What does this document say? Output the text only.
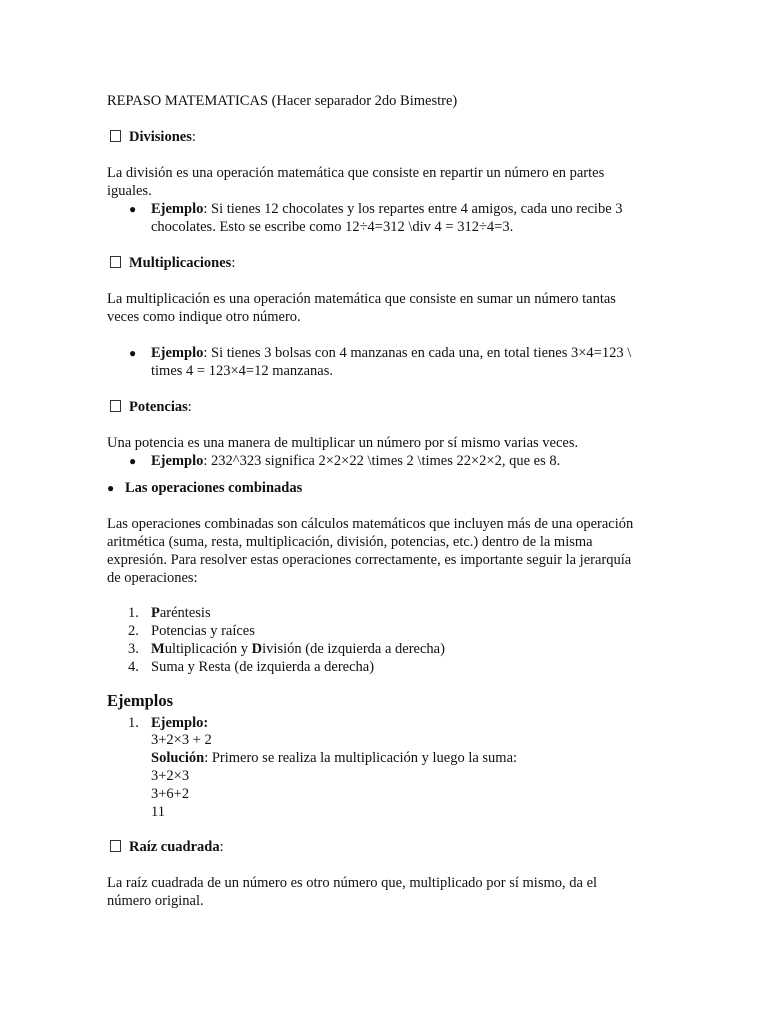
REPASO MATEMATICAS (Hacer separador 2do Bimestre)
Divisiones:
La división es una operación matemática que consiste en repartir un número en partes
iguales.
● Ejemplo: Si tienes 12 chocolates y los repartes entre 4 amigos, cada uno recibe 3
chocolates. Esto se escribe como 12÷4=312 \div 4 = 312÷4=3.
Multiplicaciones:
La multiplicación es una operación matemática que consiste en sumar un número tantas
veces como indique otro número.
● Ejemplo: Si tienes 3 bolsas con 4 manzanas en cada una, en total tienes 3×4=123 \
times 4 = 123×4=12 manzanas.
Potencias:
Una potencia es una manera de multiplicar un número por sí mismo varias veces.
● Ejemplo: 232^323 significa 2×2×22 \times 2 \times 22×2×2, que es 8.
● Las operaciones combinadas
Las operaciones combinadas son cálculos matemáticos que incluyen más de una operación
aritmética (suma, resta, multiplicación, división, potencias, etc.) dentro de la misma
expresión. Para resolver estas operaciones correctamente, es importante seguir la jerarquía
de operaciones:
1. Paréntesis
2. Potencias y raíces
3. Multiplicación y División (de izquierda a derecha)
4. Suma y Resta (de izquierda a derecha)
Ejemplos
1. Ejemplo:
3+2×3 + 2
Solución: Primero se realiza la multiplicación y luego la suma:
3+2×3
3+6+2
11
Raíz cuadrada:
La raíz cuadrada de un número es otro número que, multiplicado por sí mismo, da el
número original.
